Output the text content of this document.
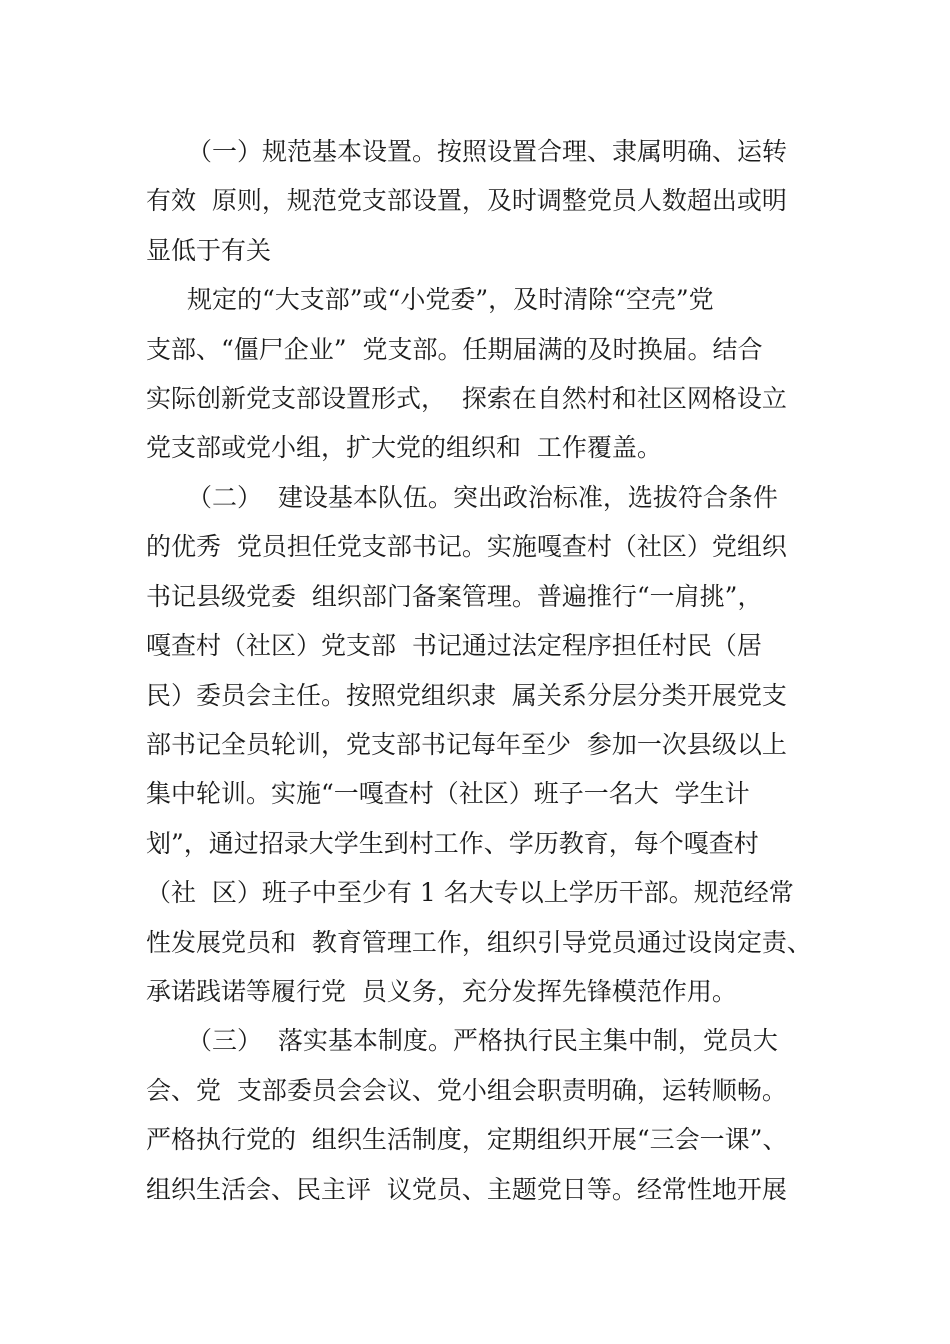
（一）规范基本设置。按照设置合理、隶属明确、运转
有效  原则，规范党支部设置，及时调整党员人数超出或明
显低于有关
规定的“大支部”或“小党委”，及时清除“空壳”党
支部、“僵尸企业”  党支部。任期届满的及时换届。结合
实际创新党支部设置形式，  探索在自然村和社区网格设立
党支部或党小组，扩大党的组织和  工作覆盖。
（二）  建设基本队伍。突出政治标准，选拔符合条件
的优秀  党员担任党支部书记。实施嘎查村（社区）党组织
书记县级党委  组织部门备案管理。普遍推行“一肩挑”，
嘎查村（社区）党支部  书记通过法定程序担任村民（居
民）委员会主任。按照党组织隶  属关系分层分类开展党支
部书记全员轮训，党支部书记每年至少  参加一次县级以上
集中轮训。实施“一嘎查村（社区）班子一名大  学生计
划”，通过招录大学生到村工作、学历教育，每个嘎查村
（社  区）班子中至少有 1 名大专以上学历干部。规范经常
性发展党员和  教育管理工作，组织引导党员通过设岗定责、
承诺践诺等履行党  员义务，充分发挥先锋模范作用。
（三）  落实基本制度。严格执行民主集中制，党员大
会、党  支部委员会会议、党小组会职责明确，运转顺畅。
严格执行党的  组织生活制度，定期组织开展“三会一课”、
组织生活会、民主评  议党员、主题党日等。经常性地开展
